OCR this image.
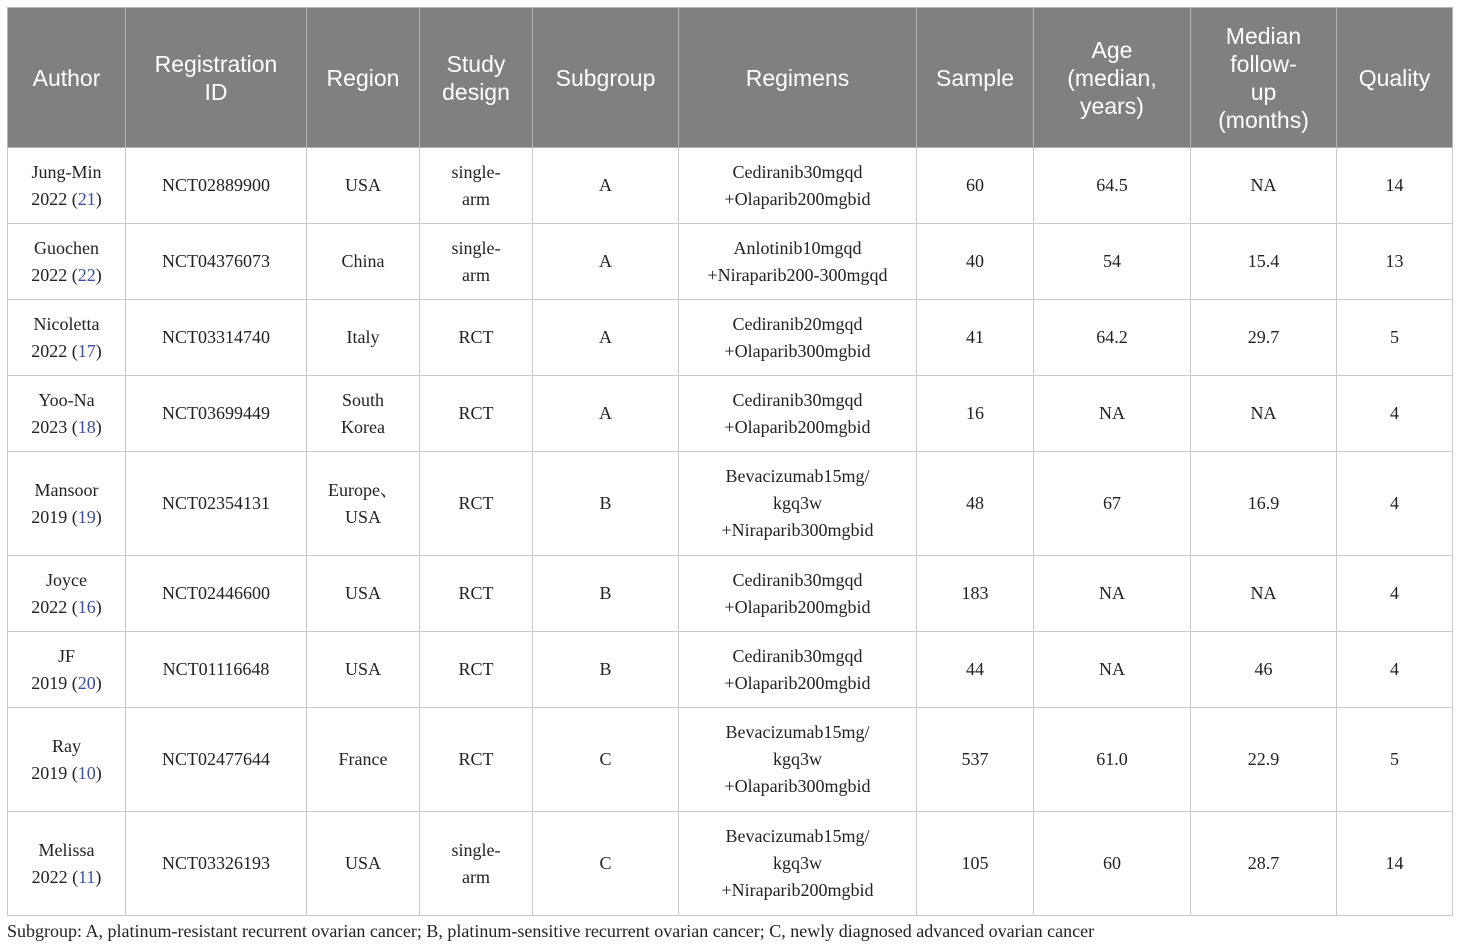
Author	Registration
ID	Region	Study
design	Subgroup	Regimens	Sample	Age
(median,
years)	Median
follow-
up
(months)	Quality

Jung-Min
2022 (21)	NCT02889900	USA	single-
arm	A	Cediranib30mgqd
+Olaparib200mgbid	60	64.5	NA	14

Guochen
2022 (22)	NCT04376073	China	single-
arm	A	Anlotinib10mgqd
+Niraparib200-300mgqd	40	54	15.4	13

Nicoletta
2022 (17)	NCT03314740	Italy	RCT	A	Cediranib20mgqd
+Olaparib300mgbid	41	64.2	29.7	5

Yoo-Na
2023 (18)	NCT03699449	South
Korea	RCT	A	Cediranib30mgqd
+Olaparib200mgbid	16	NA	NA	4

Mansoor
2019 (19)	NCT02354131	Europe、
USA	RCT	B	Bevacizumab15mg/
kgq3w
+Niraparib300mgbid	48	67	16.9	4

Joyce
2022 (16)	NCT02446600	USA	RCT	B	Cediranib30mgqd
+Olaparib200mgbid	183	NA	NA	4

JF
2019 (20)	NCT01116648	USA	RCT	B	Cediranib30mgqd
+Olaparib200mgbid	44	NA	46	4

Ray
2019 (10)	NCT02477644	France	RCT	C	Bevacizumab15mg/
kgq3w
+Olaparib300mgbid	537	61.0	22.9	5

Melissa
2022 (11)	NCT03326193	USA	single-
arm	C	Bevacizumab15mg/
kgq3w
+Niraparib200mgbid	105	60	28.7	14
Subgroup: A, platinum-resistant recurrent ovarian cancer; B, platinum-sensitive recurrent ovarian cancer; C, newly diagnosed advanced ovarian cancer
